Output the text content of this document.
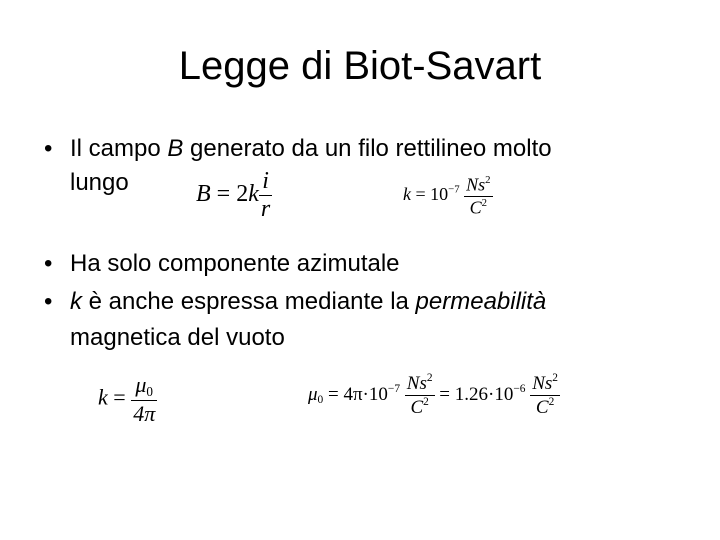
Legge di Biot-Savart
• Il campo B generato da un filo rettilineo molto
lungo	$B = 2k \frac{i}{r}$	$k = 10^{-7} \frac{Ns^2}{C^2}$
• Ha solo componente azimutale
• k è anche espressa mediante la permeabilità
magnetica del vuoto
$k = \frac{\mu_0}{4\pi}$	$\mu_0 = 4\pi\cdot 10^{-7} \frac{Ns^2}{C^2} = 1.26\cdot 10^{-6} \frac{Ns^2}{C^2}$
